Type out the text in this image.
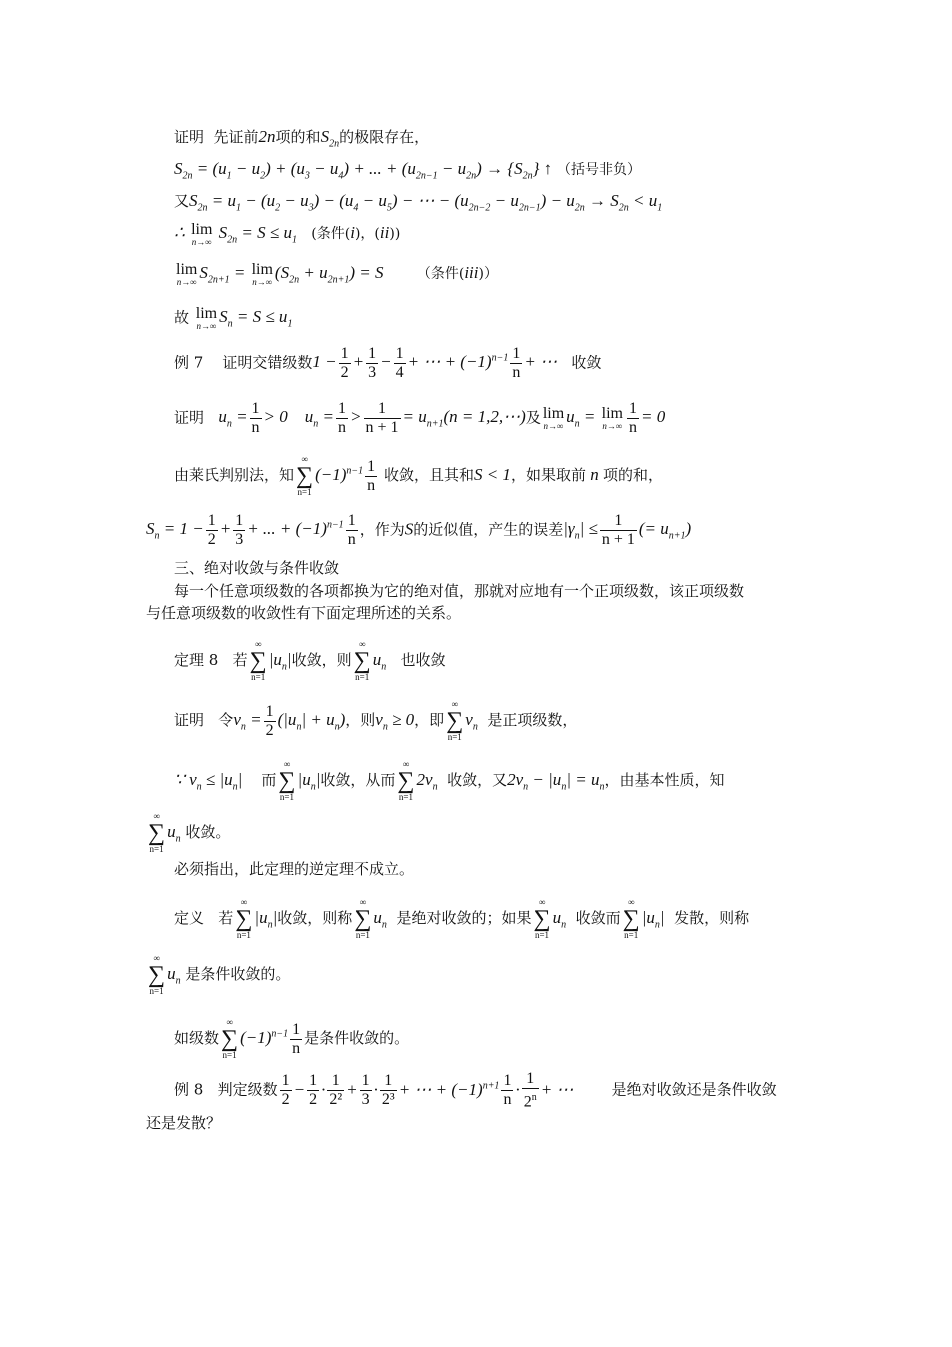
证明  先证前2n项的和$S_{2n}$的极限存在，
$S_{2n} = (u_1 - u_2) + (u_3 - u_4)$ + ... + $(u_{2n-1} - u_{2n}) \to \{S_{2n}\}$ ↑ （括号非负）
又$S_{2n} = u_1 - (u_2 - u_3) - (u_4 - u_5)$ − ⋯ − $(u_{2n-2} - u_{2n-1}) - u_{2n} \to S_{2n} < u_1$
∴ lim
n→∞ $S_{2n} = S \le u_1$ (条件(i)，(ii))
lim
n→∞ $S_{2n+1} = \lim$
n→∞ $(S_{2n} + u_{2n+1}) = S$ （条件(iii)）
故 lim
n→∞ $S_n = S \le u_1$
例 7    证明交错级数$1 - \frac{1}{2} + \frac{1}{3} - \frac{1}{4}$ + ⋯ + $(-1)^{n-1} \frac{1}{n}$ + ⋯   收敛
证明   $u_n = \frac{1}{n} > 0$    $u_n = \frac{1}{n} > \frac{1}{n + 1} = u_{n+1}(n$ = 1,2,⋯)及 lim
n→∞ $u_n = \lim$
$n\to\infty \frac{1}{n} = 0$
由莱氏判别法，知
∞
∑
n=1
$(-1)^{n-1} \frac{1}{n}$ 收敛，且其和S < 1，如果取前 n 项的和，
$S_n = 1 - \frac{1}{2} + \frac{1}{3}$ + ... + $(-1)^{n-1} \frac{1}{n}$ ，作为S的近似值，产生的误差$|\gamma_n| \le \frac{1}{n + 1}$ (= $u_{n+1}$)
三、绝对收敛与条件收敛
每一个任意项级数的各项都换为它的绝对值，那就对应地有一个正项级数，该正项级数
与任意项级数的收敛性有下面定理所述的关系。
定理 8   若
∞
∑
n=1
$|u_n|$收敛，则
∞
∑
n=1
$u_n$   也收敛
证明   令$v_n = \frac{1}{2} (|u_n| + u_n)$，则$v_n \ge 0$，即
∞
∑
n=1
$v_n$  是正项级数，
∵ $v_n \le |u_n|$    而
∞
∑
n=1
$|u_n|$收敛，从而
∞
∑
n=1
$2v_n$  收敛，又$2v_n - |u_n| = u_n$，由基本性质，知
∞
∑
n=1
$u_n$ 收敛。
必须指出，此定理的逆定理不成立。
定义   若
∞
∑
n=1
$|u_n|$收敛，则称
∞
∑
n=1
$u_n$  是绝对收敛的；如果
∞
∑
n=1
$u_n$  收敛而
∞
∑
n=1
$|u_n|$  发散，则称
∞
∑
n=1
$u_n$ 是条件收敛的。
如级数
∞
∑
n=1
$(-1)^{n-1} \frac{1}{n}$ 是条件收敛的。
例 8   判定级数 $\frac{1}{2} - \frac{1}{2} \cdot \frac{1}{\text{2²}} + \frac{1}{3} \cdot \frac{1}{\text{2³}}$ + ⋯ + $(-1)^{n+1} \frac{1}{n} \cdot \frac{1}{2^n}$ + ⋯        是绝对收敛还是条件收敛
还是发散？
